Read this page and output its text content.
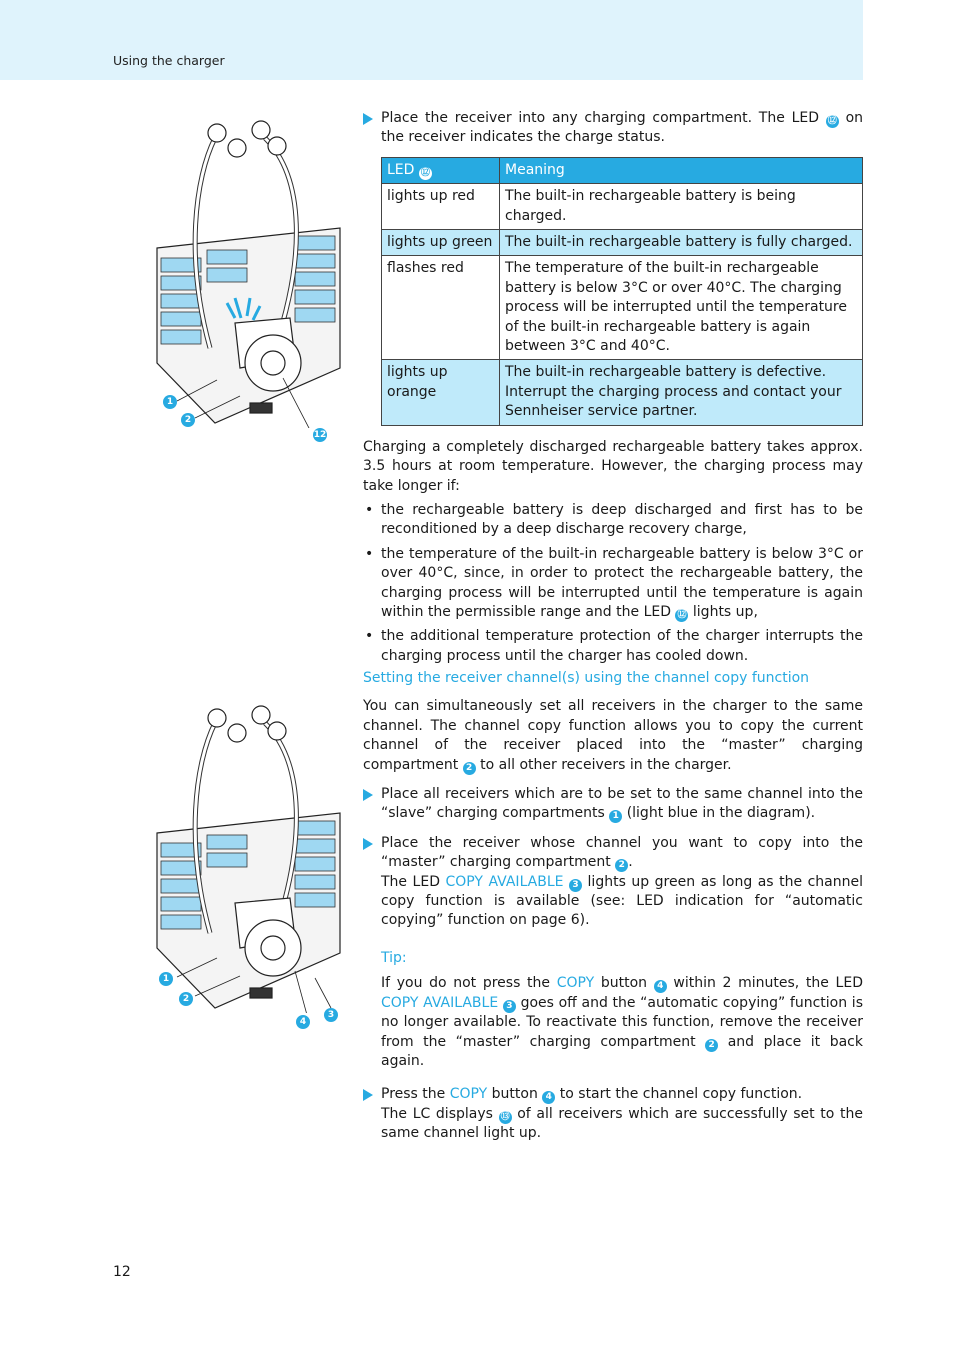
Using the charger
1
2
12
1
2
4
3
Place the receiver into any charging compartment. The LED ⑫ on the receiver indicates the charge status.
LED ⑫	Meaning
lights up red	The built-in rechargeable battery is being charged.
lights up green	The built-in rechargeable battery is fully charged.
flashes red	The temperature of the built-in rechargeable battery is below 3°C or over 40°C. The charging process will be interrupted until the temperature of the built-in rechargeable battery is again between 3°C and 40°C.
lights up orange	The built-in rechargeable battery is defective. Interrupt the charging process and contact your Sennheiser service partner.
Charging a completely discharged rechargeable battery takes approx. 3.5 hours at room temperature. However, the charging process may take longer if:
• the rechargeable battery is deep discharged and first has to be reconditioned by a deep discharge recovery charge,
• the temperature of the built-in rechargeable battery is below 3°C or over 40°C, since, in order to protect the rechargeable battery, the charging process will be interrupted until the temperature is again within the permissible range and the LED ⑫ lights up,
• the additional temperature protection of the charger interrupts the charging process until the charger has cooled down.
Setting the receiver channel(s) using the channel copy function
You can simultaneously set all receivers in the charger to the same channel. The channel copy function allows you to copy the current channel of the receiver placed into the “master” charging compartment 2 to all other receivers in the charger.
Place all receivers which are to be set to the same channel into the “slave” charging compartments 1 (light blue in the diagram).
Place the receiver whose channel you want to copy into the “master” charging compartment 2 .
The LED COPY AVAILABLE 3 lights up green as long as the channel copy function is available (see: LED indication for “automatic copying” function on page 6).
Tip:
If you do not press the COPY button 4 within 2 minutes, the LED COPY AVAILABLE 3 goes off and the “automatic copying” function is no longer available. To reactivate this function, remove the receiver from the “master” charging compartment 2 and place it back again.
Press the COPY button 4 to start the channel copy function.
The LC displays ⑬ of all receivers which are successfully set to the same channel light up.
12
